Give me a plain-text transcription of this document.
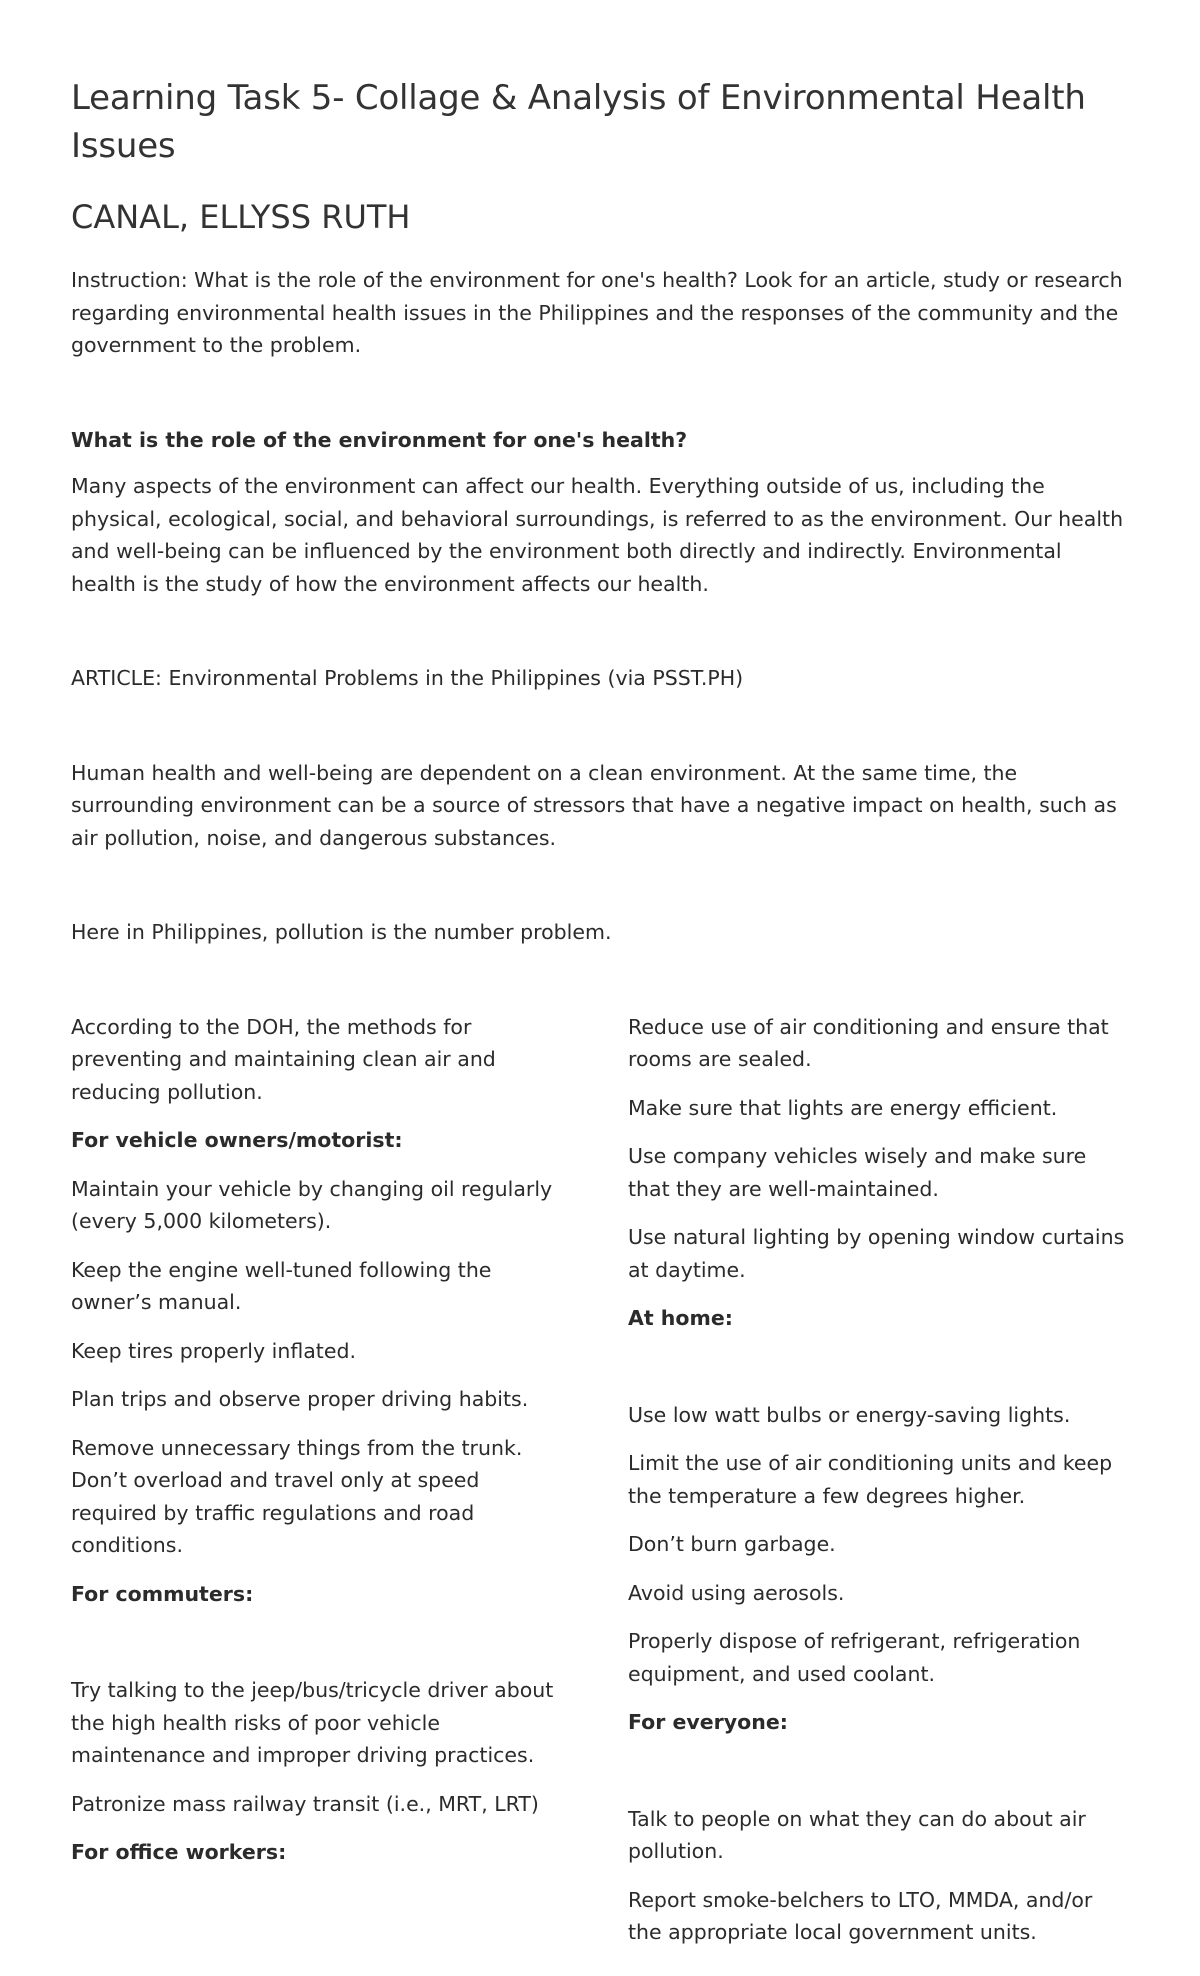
Learning Task 5- Collage & Analysis of Environmental Health Issues
CANAL, ELLYSS RUTH

Instruction: What is the role of the environment for one's health? Look for an article, study or research regarding environmental health issues in the Philippines and the responses of the community and the government to the problem.

What is the role of the environment for one's health?

Many aspects of the environment can affect our health. Everything outside of us, including the physical, ecological, social, and behavioral surroundings, is referred to as the environment. Our health and well-being can be influenced by the environment both directly and indirectly. Environmental health is the study of how the environment affects our health.

ARTICLE: Environmental Problems in the Philippines (via PSST.PH)

Human health and well-being are dependent on a clean environment. At the same time, the surrounding environment can be a source of stressors that have a negative impact on health, such as air pollution, noise, and dangerous substances.

Here in Philippines, pollution is the number problem.

According to the DOH, the methods for preventing and maintaining clean air and reducing pollution.

For vehicle owners/motorist:

Maintain your vehicle by changing oil regularly (every 5,000 kilometers).

Keep the engine well-tuned following the owner’s manual.

Keep tires properly inflated.

Plan trips and observe proper driving habits.

Remove unnecessary things from the trunk. Don’t overload and travel only at speed required by traffic regulations and road conditions.

For commuters:

Try talking to the jeep/bus/tricycle driver about the high health risks of poor vehicle maintenance and improper driving practices.

Patronize mass railway transit (i.e., MRT, LRT)

For office workers:

Reduce use of air conditioning and ensure that rooms are sealed.

Make sure that lights are energy efficient.

Use company vehicles wisely and make sure that they are well-maintained.

Use natural lighting by opening window curtains at daytime.

At home:

Use low watt bulbs or energy-saving lights.

Limit the use of air conditioning units and keep the temperature a few degrees higher.

Don’t burn garbage.

Avoid using aerosols.

Properly dispose of refrigerant, refrigeration equipment, and used coolant.

For everyone:

Talk to people on what they can do about air pollution.

Report smoke-belchers to LTO, MMDA, and/or the appropriate local government units.
